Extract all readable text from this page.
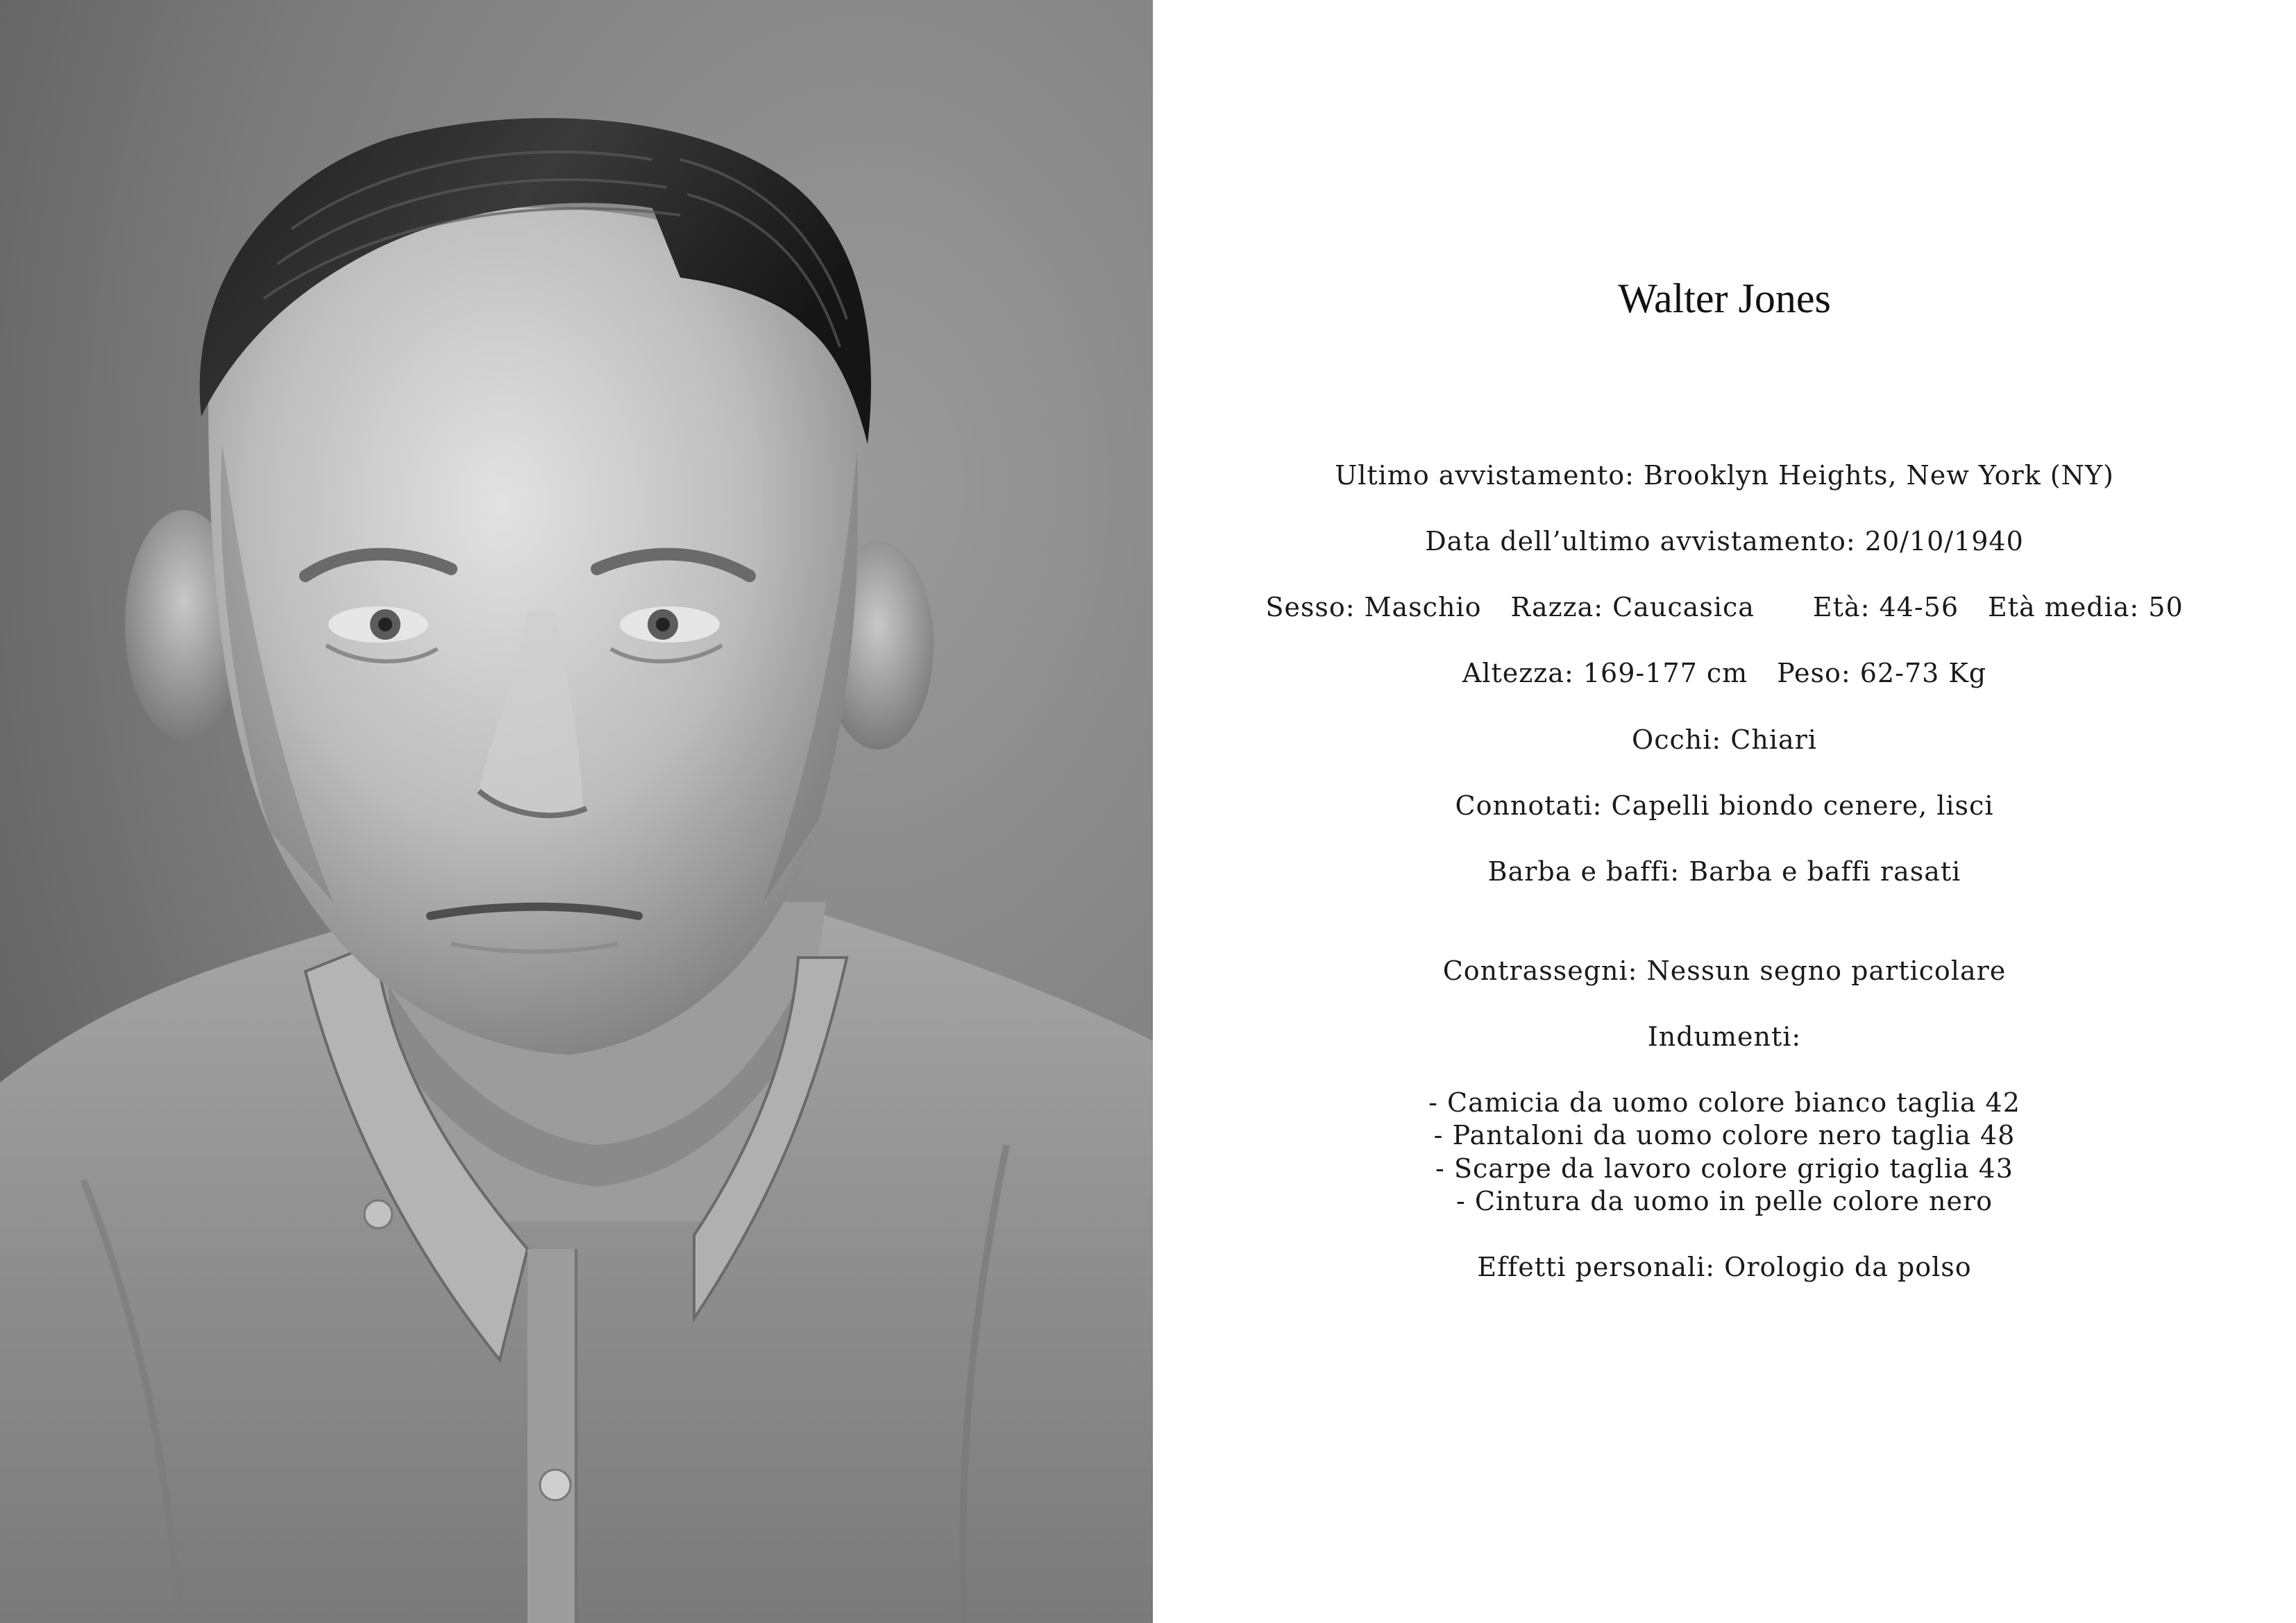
Walter Jones
Ultimo avvistamento: Brooklyn Heights, New York (NY)
Data dell’ultimo avvistamento: 20/10/1940
Sesso: Maschio Razza: Caucasica Età: 44-56 Età media: 50
Altezza: 169-177 cm Peso: 62-73 Kg
Occhi: Chiari
Connotati: Capelli biondo cenere, lisci
Barba e baffi: Barba e baffi rasati
Contrassegni: Nessun segno particolare
Indumenti:
- Camicia da uomo colore bianco taglia 42
- Pantaloni da uomo colore nero taglia 48
- Scarpe da lavoro colore grigio taglia 43
- Cintura da uomo in pelle colore nero
Effetti personali: Orologio da polso
